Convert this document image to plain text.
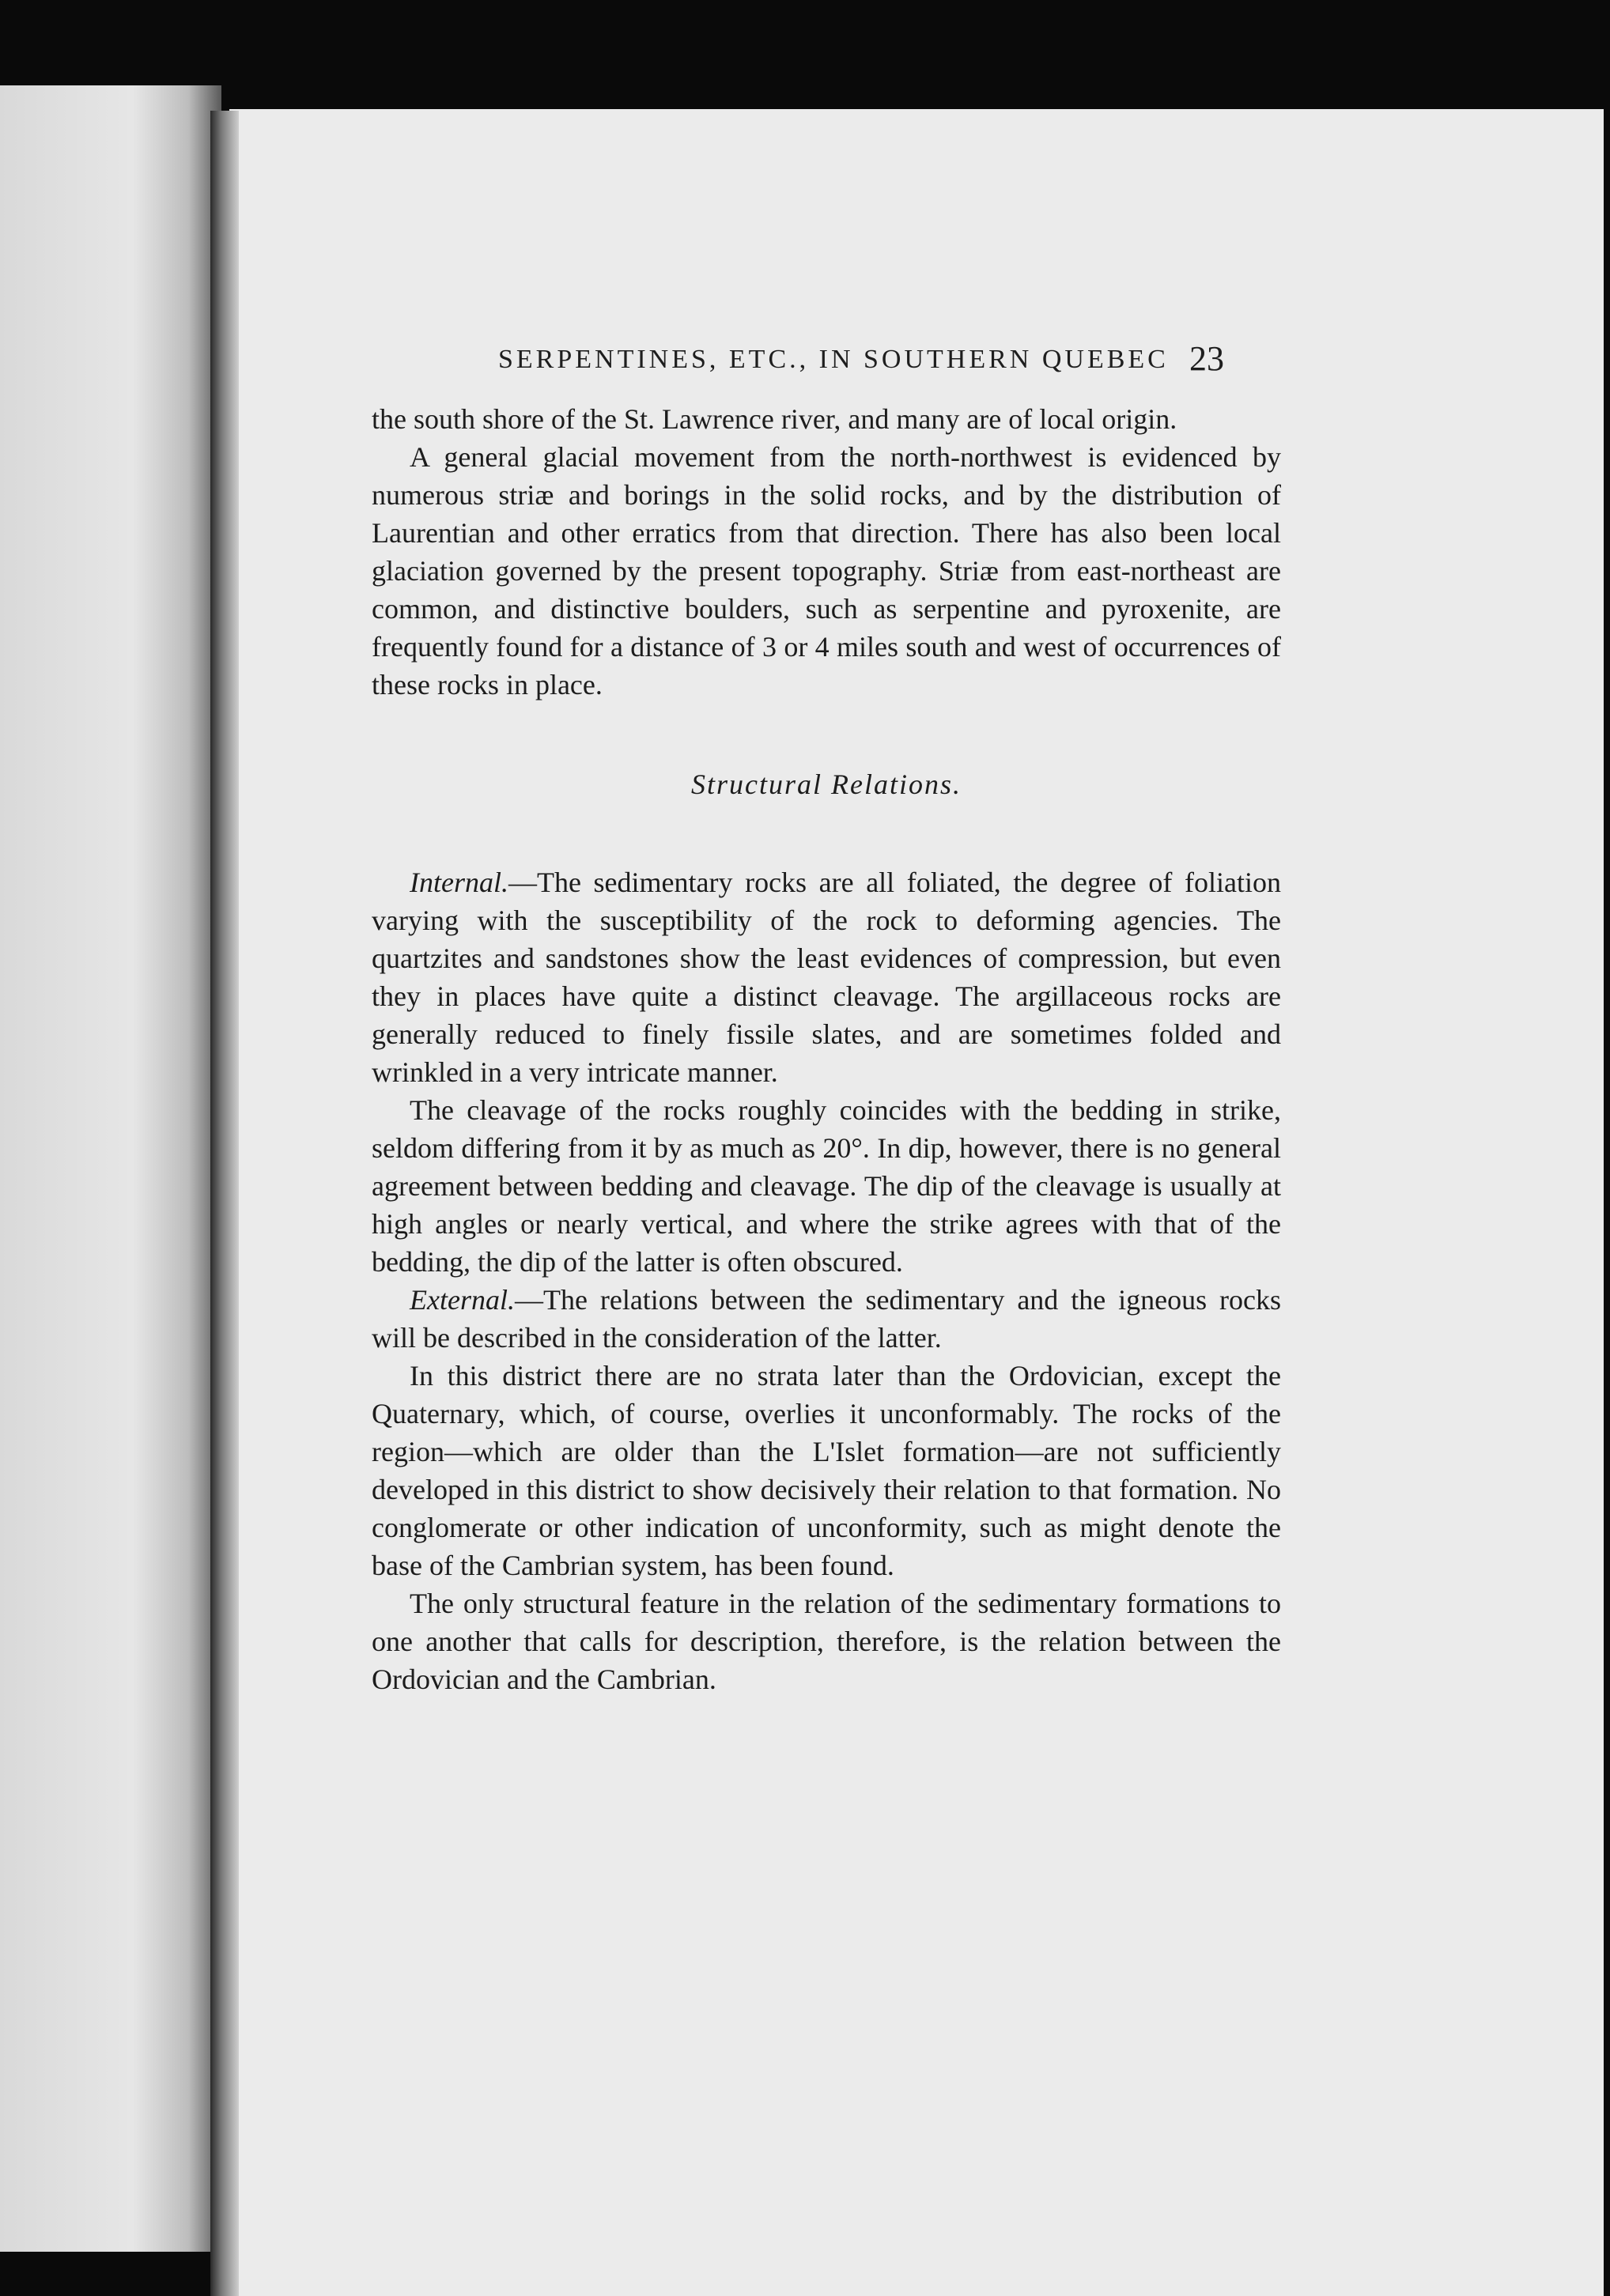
SERPENTINES, ETC., IN SOUTHERN QUEBEC 23

the south shore of the St. Lawrence river, and many are of local origin.

A general glacial movement from the north-northwest is evidenced by numerous striæ and borings in the solid rocks, and by the distribution of Laurentian and other erratics from that direction. There has also been local glaciation governed by the present topography. Striæ from east-northeast are common, and distinctive boulders, such as serpentine and pyroxenite, are frequently found for a distance of 3 or 4 miles south and west of occurrences of these rocks in place.

Structural Relations.

Internal.—The sedimentary rocks are all foliated, the degree of foliation varying with the susceptibility of the rock to deforming agencies. The quartzites and sandstones show the least evidences of compression, but even they in places have quite a distinct cleavage. The argillaceous rocks are generally reduced to finely fissile slates, and are sometimes folded and wrinkled in a very intricate manner.

The cleavage of the rocks roughly coincides with the bedding in strike, seldom differing from it by as much as 20°. In dip, however, there is no general agreement between bedding and cleavage. The dip of the cleavage is usually at high angles or nearly vertical, and where the strike agrees with that of the bedding, the dip of the latter is often obscured.

External.—The relations between the sedimentary and the igneous rocks will be described in the consideration of the latter.

In this district there are no strata later than the Ordovician, except the Quaternary, which, of course, overlies it unconformably. The rocks of the region—which are older than the L'Islet formation—are not sufficiently developed in this district to show decisively their relation to that formation. No conglomerate or other indication of unconformity, such as might denote the base of the Cambrian system, has been found.

The only structural feature in the relation of the sedimentary formations to one another that calls for description, therefore, is the relation between the Ordovician and the Cambrian.
